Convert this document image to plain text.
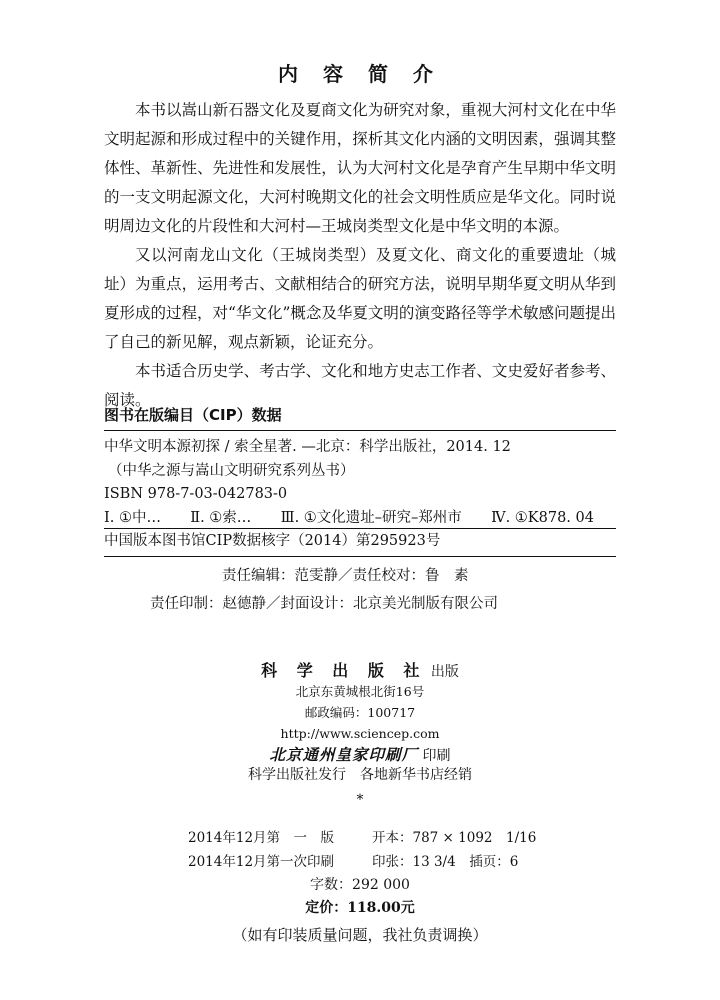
内 容 简 介

本书以嵩山新石器文化及夏商文化为研究对象，重视大河村文化在中华文明起源和形成过程中的关键作用，探析其文化内涵的文明因素，强调其整体性、革新性、先进性和发展性，认为大河村文化是孕育产生早期中华文明的一支文明起源文化，大河村晚期文化的社会文明性质应是华文化。同时说明周边文化的片段性和大河村—王城岗类型文化是中华文明的本源。

又以河南龙山文化（王城岗类型）及夏文化、商文化的重要遗址（城址）为重点，运用考古、文献相结合的研究方法，说明早期华夏文明从华到夏形成的过程，对“华文化”概念及华夏文明的演变路径等学术敏感问题提出了自己的新见解，观点新颖，论证充分。

本书适合历史学、考古学、文化和地方史志工作者、文史爱好者参考、阅读。

图书在版编目（CIP）数据
中华文明本源初探 / 索全星著. —北京：科学出版社，2014. 12
（中华之源与嵩山文明研究系列丛书）
ISBN 978-7-03-042783-0
Ⅰ. ①中… Ⅱ. ①索… Ⅲ. ①文化遗址–研究–郑州市 Ⅳ. ①K878. 04
中国版本图书馆CIP数据核字（2014）第295923号
责任编辑：范雯静／责任校对：鲁　素
责任印制：赵德静／封面设计：北京美光制版有限公司
科 学 出 版 社 出版
北京东黄城根北街16号
邮政编码：100717
http://www.sciencep.com
北京通州皇家印刷厂 印刷
科学出版社发行　各地新华书店经销
*
2014年12月第　一　版	开本：787 × 1092　1/16
2014年12月第一次印刷	印张：13 3/4　插页：6
字数：292 000
定价：118.00元
（如有印装质量问题，我社负责调换）
